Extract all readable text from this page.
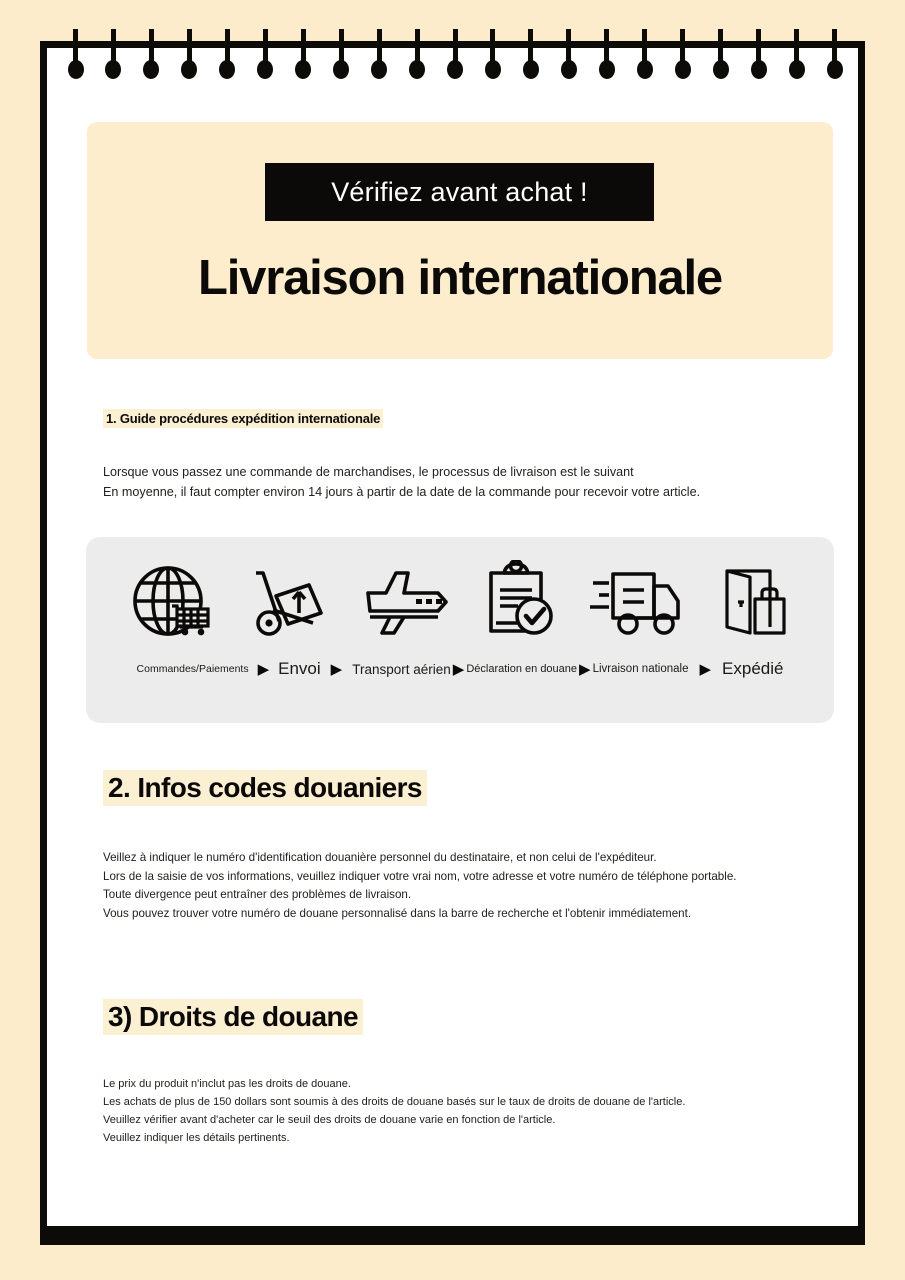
Vérifiez avant achat !
Livraison internationale
1. Guide procédures expédition internationale

Lorsque vous passez une commande de marchandises, le processus de livraison est le suivant

En moyenne, il faut compter environ 14 jours à partir de la date de la commande pour recevoir votre article.

Commandes/Paiements ▶ Envoi ▶ Transport aérien ▶ Déclaration en douane ▶ Livraison nationale ▶ Expédié
2. Infos codes douaniers

Veillez à indiquer le numéro d'identification douanière personnel du destinataire, et non celui de l'expéditeur.

Lors de la saisie de vos informations, veuillez indiquer votre vrai nom, votre adresse et votre numéro de téléphone portable.

Toute divergence peut entraîner des problèmes de livraison.

Vous pouvez trouver votre numéro de douane personnalisé dans la barre de recherche et l'obtenir immédiatement.

3) Droits de douane

Le prix du produit n'inclut pas les droits de douane.

Les achats de plus de 150 dollars sont soumis à des droits de douane basés sur le taux de droits de douane de l'article.

Veuillez vérifier avant d'acheter car le seuil des droits de douane varie en fonction de l'article.

Veuillez indiquer les détails pertinents.
